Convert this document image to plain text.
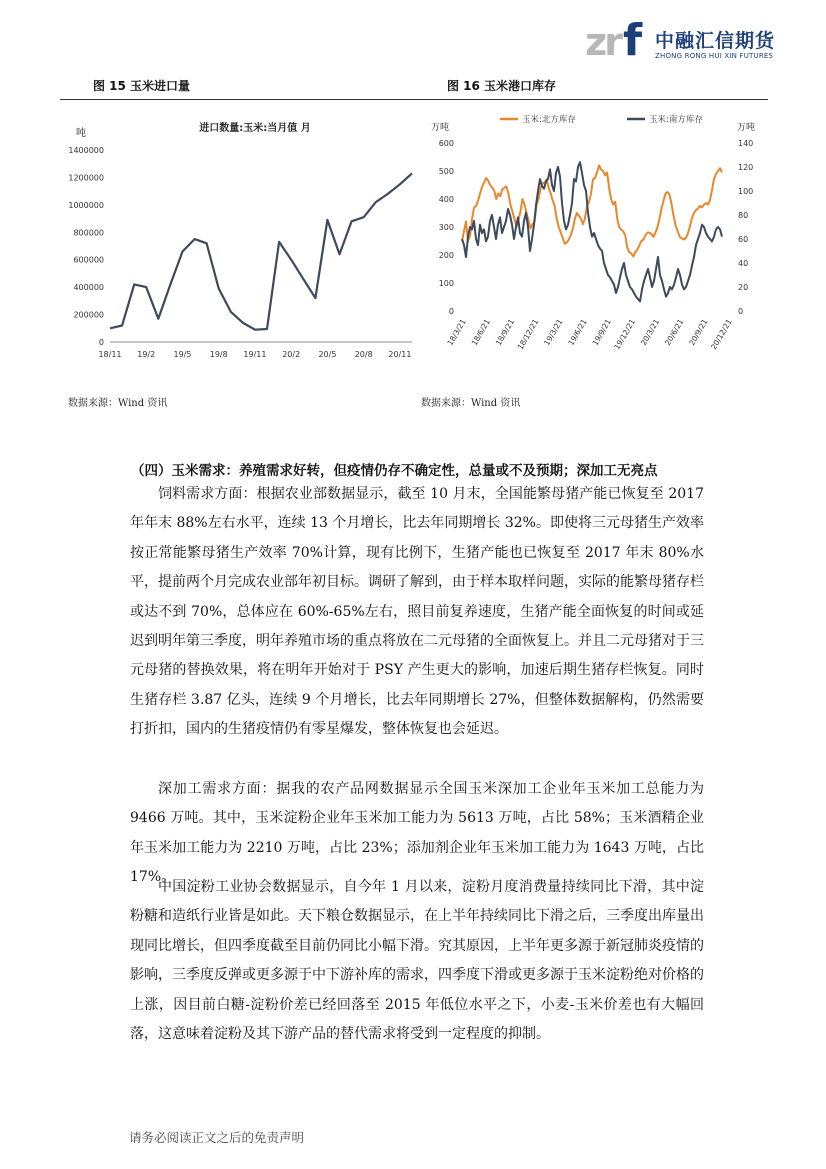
zr f 中融汇信期货
ZHONG RONG HUI XIN FUTURES
图 15 玉米进口量	图 16 玉米港口库存
进口数量:玉米:当月值 月
吨
0
200000
400000
600000
800000
1000000
1200000
1400000
18/11 19/2 19/5 19/8 19/11 20/2 20/5 20/8 20/11
玉米:北方库存	玉米:南方库存
万吨	万吨
0
100
200
300
400
500
600
0
20
40
60
80
100
120
140
18/3/21 18/6/21 18/9/21 18/12/21 19/3/21 19/6/21 19/9/21 19/12/21 20/3/21 20/6/21 20/9/21 20/12/21
数据来源：Wind 资讯	数据来源：Wind 资讯
（四）玉米需求：养殖需求好转，但疫情仍存不确定性，总量或不及预期；深加工无亮点
饲料需求方面：根据农业部数据显示，截至 10 月末，全国能繁母猪产能已恢复至 2017年年末 88%左右水平，连续 13 个月增长，比去年同期增长 32%。即使将三元母猪生产效率按正常能繁母猪生产效率 70%计算，现有比例下，生猪产能也已恢复至 2017 年末 80%水平，提前两个月完成农业部年初目标。调研了解到，由于样本取样问题，实际的能繁母猪存栏或达不到 70%，总体应在 60%-65%左右，照目前复养速度，生猪产能全面恢复的时间或延迟到明年第三季度，明年养殖市场的重点将放在二元母猪的全面恢复上。并且二元母猪对于三元母猪的替换效果，将在明年开始对于 PSY 产生更大的影响，加速后期生猪存栏恢复。同时生猪存栏 3.87 亿头，连续 9 个月增长，比去年同期增长 27%，但整体数据解构，仍然需要打折扣，国内的生猪疫情仍有零星爆发，整体恢复也会延迟。
深加工需求方面：据我的农产品网数据显示全国玉米深加工企业年玉米加工总能力为9466 万吨。其中，玉米淀粉企业年玉米加工能力为 5613 万吨，占比 58%；玉米酒精企业年玉米加工能力为 2210 万吨，占比 23%；添加剂企业年玉米加工能力为 1643 万吨，占比 17%。
中国淀粉工业协会数据显示，自今年 1 月以来，淀粉月度消费量持续同比下滑，其中淀粉糖和造纸行业皆是如此。天下粮仓数据显示，在上半年持续同比下滑之后，三季度出库量出现同比增长，但四季度截至目前仍同比小幅下滑。究其原因，上半年更多源于新冠肺炎疫情的影响，三季度反弹或更多源于中下游补库的需求，四季度下滑或更多源于玉米淀粉绝对价格的上涨，因目前白糖-淀粉价差已经回落至 2015 年低位水平之下，小麦-玉米价差也有大幅回落，这意味着淀粉及其下游产品的替代需求将受到一定程度的抑制。
请务必阅读正文之后的免责声明
